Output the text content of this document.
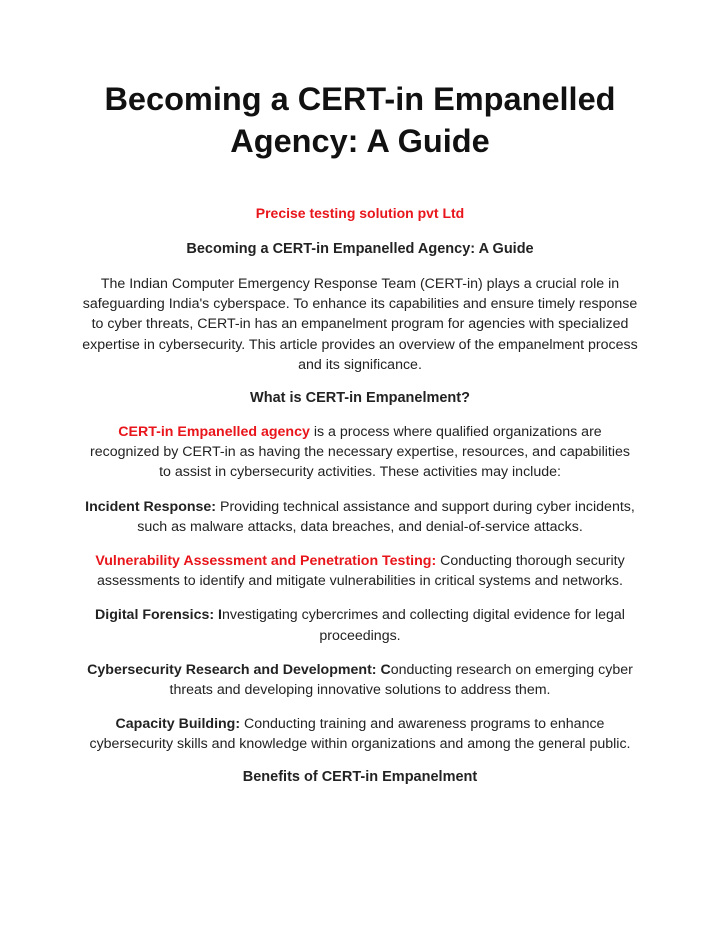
Becoming a CERT-in Empanelled Agency: A Guide

Precise testing solution pvt Ltd

Becoming a CERT-in Empanelled Agency: A Guide

The Indian Computer Emergency Response Team (CERT-in) plays a crucial role in safeguarding India's cyberspace. To enhance its capabilities and ensure timely response to cyber threats, CERT-in has an empanelment program for agencies with specialized expertise in cybersecurity. This article provides an overview of the empanelment process and its significance.

What is CERT-in Empanelment?

CERT-in Empanelled agency is a process where qualified organizations are recognized by CERT-in as having the necessary expertise, resources, and capabilities to assist in cybersecurity activities. These activities may include:

Incident Response: Providing technical assistance and support during cyber incidents, such as malware attacks, data breaches, and denial-of-service attacks.

Vulnerability Assessment and Penetration Testing: Conducting thorough security assessments to identify and mitigate vulnerabilities in critical systems and networks.

Digital Forensics: Investigating cybercrimes and collecting digital evidence for legal proceedings.

Cybersecurity Research and Development: Conducting research on emerging cyber threats and developing innovative solutions to address them.

Capacity Building: Conducting training and awareness programs to enhance cybersecurity skills and knowledge within organizations and among the general public.

Benefits of CERT-in Empanelment
